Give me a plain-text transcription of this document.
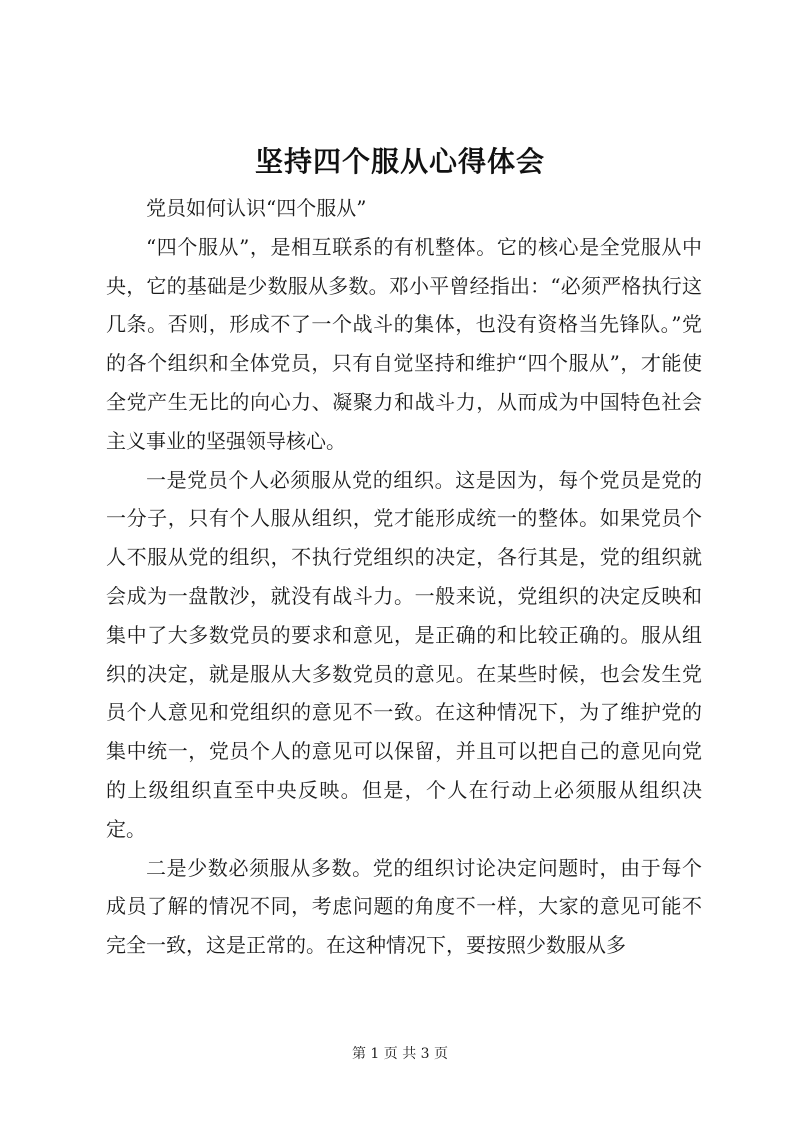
坚持四个服从心得体会

党员如何认识“四个服从”

“四个服从”，是相互联系的有机整体。它的核心是全党服从中央，它的基础是少数服从多数。邓小平曾经指出：“必须严格执行这几条。否则，形成不了一个战斗的集体，也没有资格当先锋队。”党的各个组织和全体党员，只有自觉坚持和维护“四个服从”，才能使全党产生无比的向心力、凝聚力和战斗力，从而成为中国特色社会主义事业的坚强领导核心。

一是党员个人必须服从党的组织。这是因为，每个党员是党的一分子，只有个人服从组织，党才能形成统一的整体。如果党员个人不服从党的组织，不执行党组织的决定，各行其是，党的组织就会成为一盘散沙，就没有战斗力。一般来说，党组织的决定反映和集中了大多数党员的要求和意见，是正确的和比较正确的。服从组织的决定，就是服从大多数党员的意见。在某些时候，也会发生党员个人意见和党组织的意见不一致。在这种情况下，为了维护党的集中统一，党员个人的意见可以保留，并且可以把自己的意见向党的上级组织直至中央反映。但是，个人在行动上必须服从组织决定。

二是少数必须服从多数。党的组织讨论决定问题时，由于每个成员了解的情况不同，考虑问题的角度不一样，大家的意见可能不完全一致，这是正常的。在这种情况下，要按照少数服从多

第 1 页 共 3 页
